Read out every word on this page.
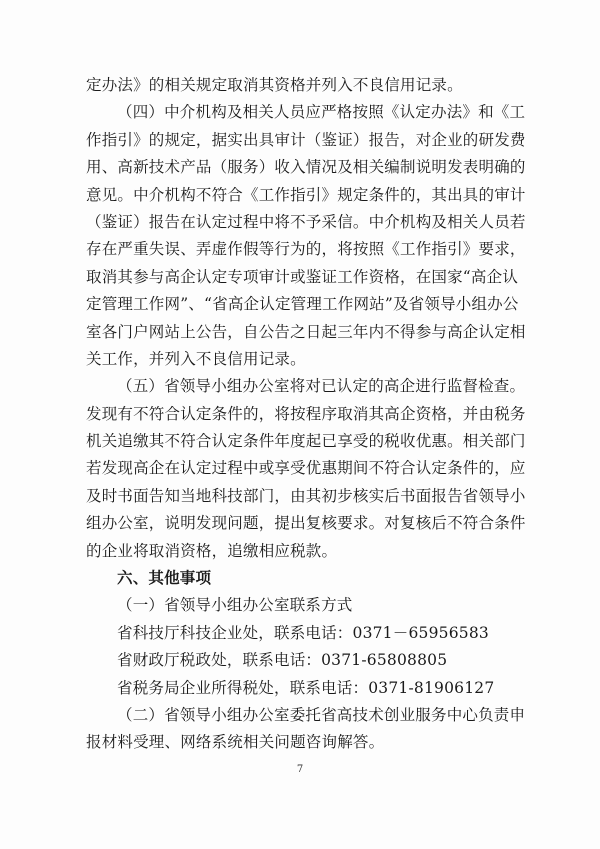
定办法》的相关规定取消其资格并列入不良信用记录。
（四）中介机构及相关人员应严格按照《认定办法》和《工
作指引》的规定，据实出具审计（鉴证）报告，对企业的研发费
用、高新技术产品（服务）收入情况及相关编制说明发表明确的
意见。中介机构不符合《工作指引》规定条件的，其出具的审计
（鉴证）报告在认定过程中将不予采信。中介机构及相关人员若
存在严重失误、弄虚作假等行为的，将按照《工作指引》要求，
取消其参与高企认定专项审计或鉴证工作资格，在国家“高企认
定管理工作网”、“省高企认定管理工作网站”及省领导小组办公
室各门户网站上公告，自公告之日起三年内不得参与高企认定相
关工作，并列入不良信用记录。
（五）省领导小组办公室将对已认定的高企进行监督检查。
发现有不符合认定条件的，将按程序取消其高企资格，并由税务
机关追缴其不符合认定条件年度起已享受的税收优惠。相关部门
若发现高企在认定过程中或享受优惠期间不符合认定条件的，应
及时书面告知当地科技部门，由其初步核实后书面报告省领导小
组办公室，说明发现问题，提出复核要求。对复核后不符合条件
的企业将取消资格，追缴相应税款。
六、其他事项
（一）省领导小组办公室联系方式
省科技厅科技企业处，联系电话：0371－65956583
省财政厅税政处，联系电话：0371-65808805
省税务局企业所得税处，联系电话：0371-81906127
（二）省领导小组办公室委托省高技术创业服务中心负责申
报材料受理、网络系统相关问题咨询解答。
7
